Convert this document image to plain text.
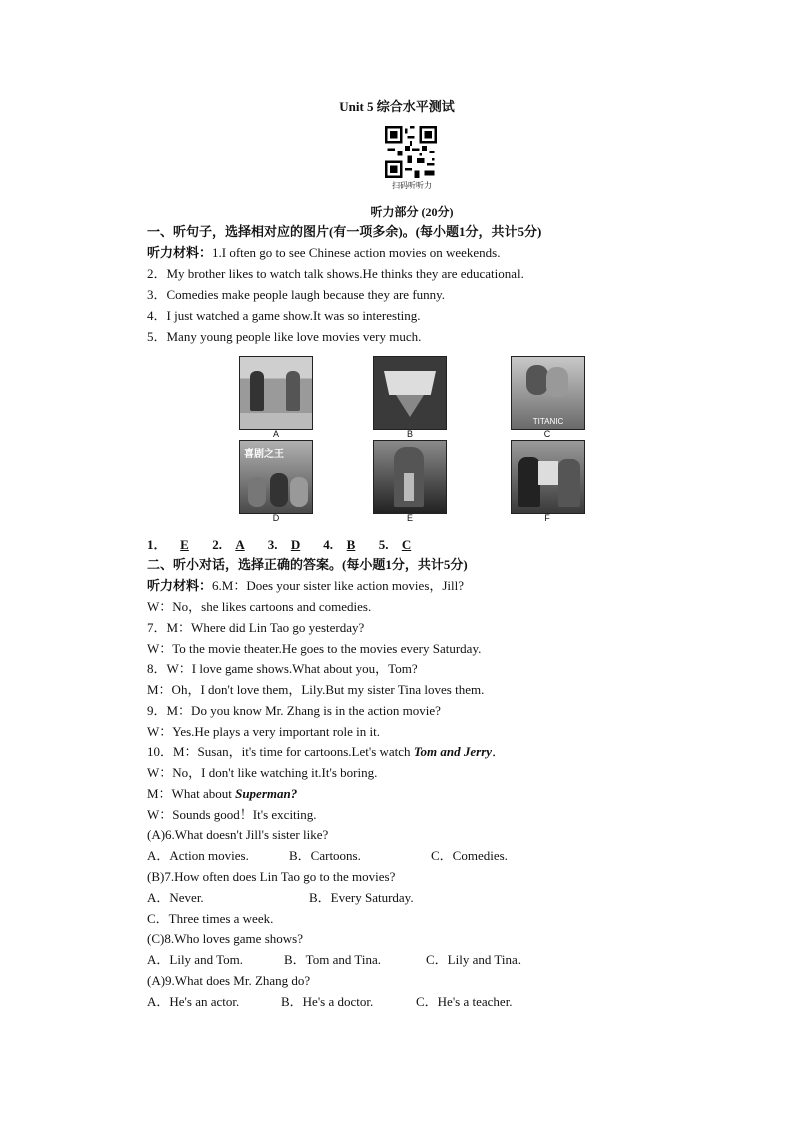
Unit 5 综合水平测试
扫码听听力
听力部分 (20分)
一、听句子，选择相对应的图片(有一项多余)。(每小题1分，共计5分)
听力材料：1.I often go to see Chinese action movies on weekends.
2．My brother likes to watch talk shows.He thinks they are educational.
3．Comedies make people laugh because they are funny.
4．I just watched a game show.It was so interesting.
5．Many young people like love movies very much.
A	B
TITANIC
C
喜剧之王
D	E	F
1． E 2. A 3. D 4. B 5. C
二、听小对话，选择正确的答案。(每小题1分，共计5分)
听力材料：6.M：Does your sister like action movies，Jill?
W：No，she likes cartoons and comedies.
7．M：Where did Lin Tao go yesterday?
W：To the movie theater.He goes to the movies every Saturday.
8．W：I love game shows.What about you，Tom?
M：Oh，I don't love them，Lily.But my sister Tina loves them.
9．M：Do you know Mr. Zhang is in the action movie?
W：Yes.He plays a very important role in it.
10．M：Susan，it's time for cartoons.Let's watch Tom and Jerry．
W：No，I don't like watching it.It's boring.
M：What about Superman?
W：Sounds good！It's exciting.
(A)6.What doesn't Jill's sister like?
A．Action movies.	B．Cartoons.	C．Comedies.
(B)7.How often does Lin Tao go to the movies?
A．Never.	B．Every Saturday.
C．Three times a week.
(C)8.Who loves game shows?
A．Lily and Tom.	B．Tom and Tina.	C．Lily and Tina.
(A)9.What does Mr. Zhang do?
A．He's an actor.	B．He's a doctor.	C．He's a teacher.
